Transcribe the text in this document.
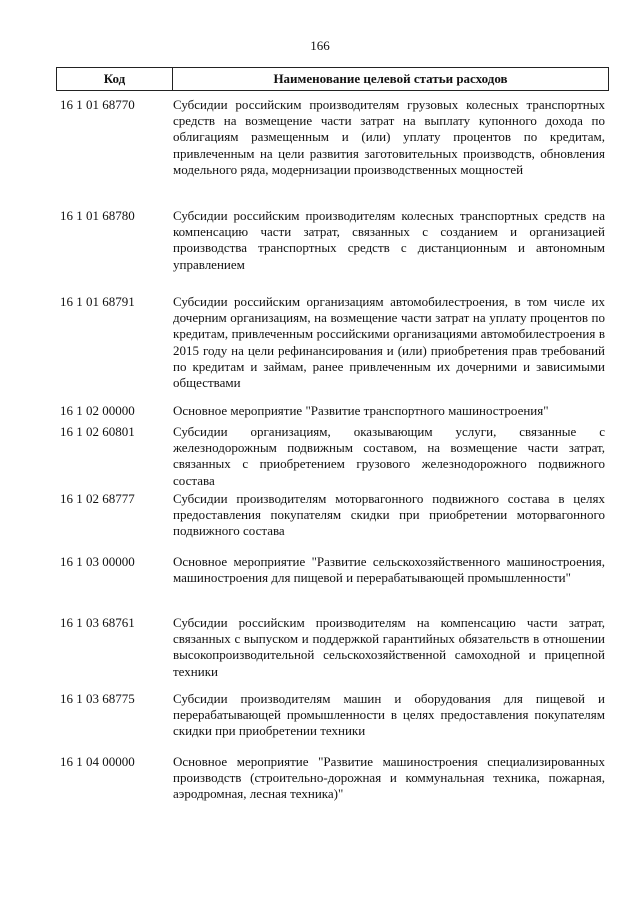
166
Код	Наименование целевой статьи расходов
16 1 01 68770	Субсидии российским производителям грузовых колесных транспортных средств на возмещение части затрат на выплату купонного дохода по облигациям размещенным и (или) уплату процентов по кредитам, привлеченным на цели развития заготовительных производств, обновления модельного ряда, модернизации производственных мощностей
16 1 01 68780	Субсидии российским производителям колесных транспортных средств на компенсацию части затрат, связанных с созданием и организацией производства транспортных средств с дистанционным и автономным управлением
16 1 01 68791	Субсидии российским организациям автомобилестроения, в том числе их дочерним организациям, на возмещение части затрат на уплату процентов по кредитам, привлеченным российскими организациями автомобилестроения в 2015 году на цели рефинансирования и (или) приобретения прав требований по кредитам и займам, ранее привлеченным их дочерними и зависимыми обществами
16 1 02 00000	Основное мероприятие "Развитие транспортного машиностроения"
16 1 02 60801	Субсидии организациям, оказывающим услуги, связанные с железнодорожным подвижным составом, на возмещение части затрат, связанных с приобретением грузового железнодорожного подвижного состава
16 1 02 68777	Субсидии производителям моторвагонного подвижного состава в целях предоставления покупателям скидки при приобретении моторвагонного подвижного состава
16 1 03 00000	Основное мероприятие "Развитие сельскохозяйственного машиностроения, машиностроения для пищевой и перерабатывающей промышленности"
16 1 03 68761	Субсидии российским производителям на компенсацию части затрат, связанных с выпуском и поддержкой гарантийных обязательств в отношении высокопроизводительной сельскохозяйственной самоходной и прицепной техники
16 1 03 68775	Субсидии производителям машин и оборудования для пищевой и перерабатывающей промышленности в целях предоставления покупателям скидки при приобретении техники
16 1 04 00000	Основное мероприятие "Развитие машиностроения специализированных производств (строительно-дорожная и коммунальная техника, пожарная, аэродромная, лесная техника)"
